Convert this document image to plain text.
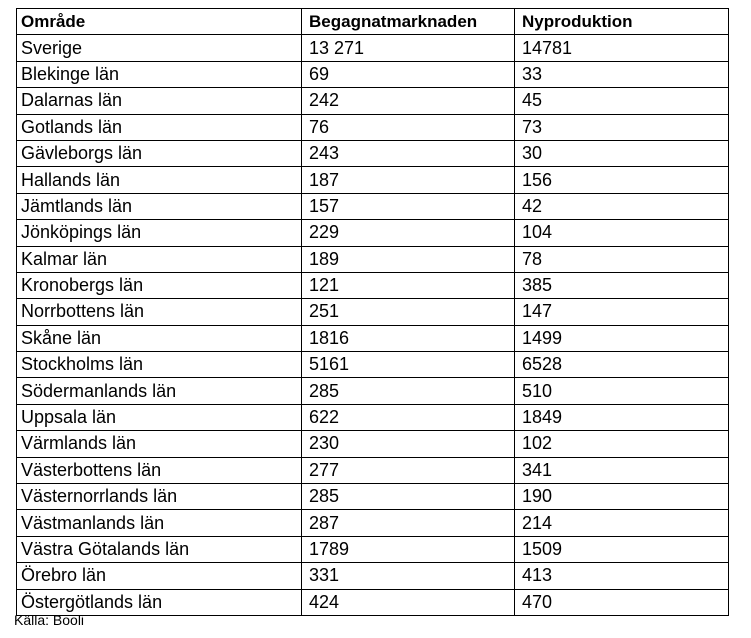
Område	Begagnatmarknaden	Nyproduktion
Sverige	13 271	14781
Blekinge län	69	33
Dalarnas län	242	45
Gotlands län	76	73
Gävleborgs län	243	30
Hallands län	187	156
Jämtlands län	157	42
Jönköpings län	229	104
Kalmar län	189	78
Kronobergs län	121	385
Norrbottens län	251	147
Skåne län	1816	1499
Stockholms län	5161	6528
Södermanlands län	285	510
Uppsala län	622	1849
Värmlands län	230	102
Västerbottens län	277	341
Västernorrlands län	285	190
Västmanlands län	287	214
Västra Götalands län	1789	1509
Örebro län	331	413
Östergötlands län	424	470
Källa: Booli
